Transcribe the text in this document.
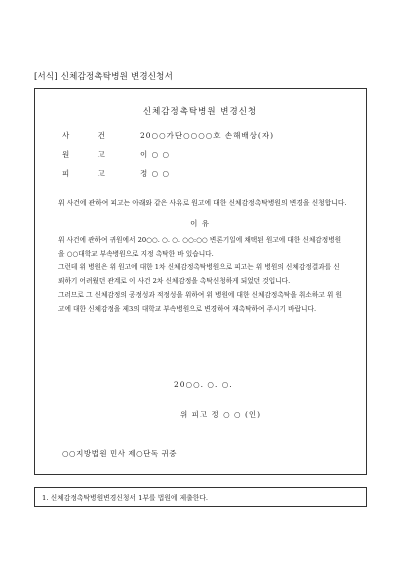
[서식] 신체감정촉탁병원 변경신청서
신체감정촉탁병원 변경신청
사 건	20○○가단○○○○호 손해배상(자)
원 고	이 ○ ○
피 고	정 ○ ○
위 사건에 관하여 피고는 아래와 같은 사유로 원고에 대한 신체감정촉탁병원의 변경을 신청합니다.
이 유

위 사건에 관하여 귀원에서 20○○. ○. ○. ○○:○○ 변론기일에 채택된 원고에 대한 신체감정병원을 ○○대학교 부속병원으로 지정 촉탁한 바 있습니다.

그런데 위 병원은 위 원고에 대한 1차 신체감정촉탁병원으로 피고는 위 병원의 신체감정결과를 신뢰하기 어려웠던 관계로 이 사건 2차 신체감정을 촉탁신청하게 되었던 것입니다.

그러므로 그 신체감정의 공정성과 적정성을 위하여 위 병원에 대한 신체감정촉탁을 취소하고 위 원고에 대한 신체감정을 제3의 대학교 부속병원으로 변경하여 재촉탁하여 주시기 바랍니다.

20○○. ○. ○.
위 피고 정 ○ ○ (인)
○○지방법원 민사 제○단독 귀중
1. 신체감정촉탁병원변경신청서 1부를 법원에 제출한다.
